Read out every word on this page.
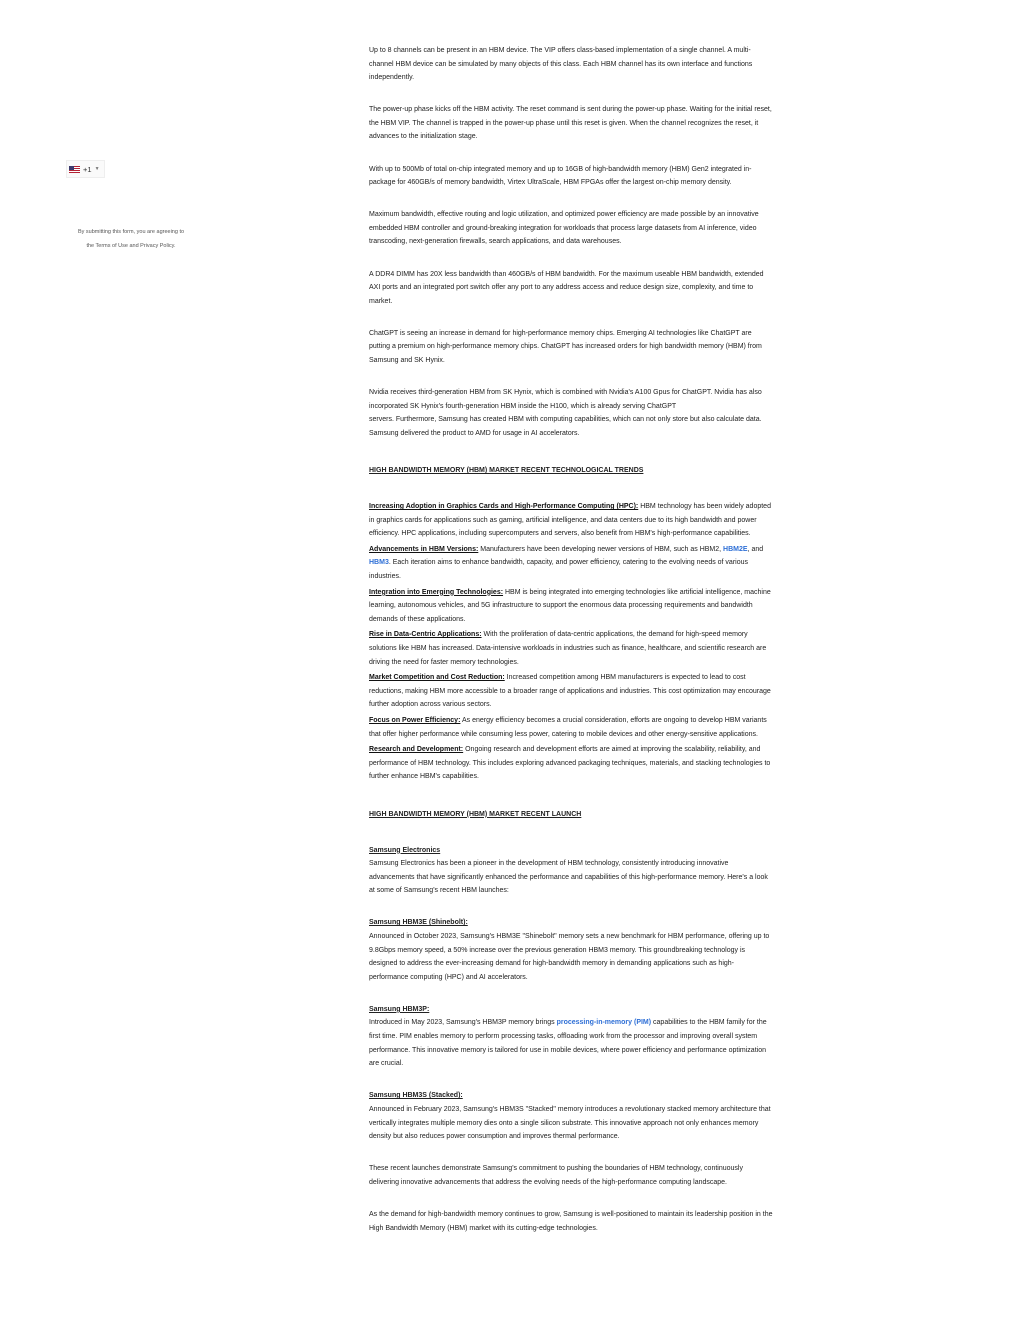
+1 ▼
By submitting this form, you are agreeing to
the Terms of Use and Privacy Policy.

Up to 8 channels can be present in an HBM device. The VIP offers class-based implementation of a single channel. A multi-channel HBM device can be simulated by many objects of this class. Each HBM channel has its own interface and functions independently.

The power-up phase kicks off the HBM activity. The reset command is sent during the power-up phase. Waiting for the initial reset, the HBM VIP. The channel is trapped in the power-up phase until this reset is given. When the channel recognizes the reset, it advances to the initialization stage.

With up to 500Mb of total on-chip integrated memory and up to 16GB of high-bandwidth memory (HBM) Gen2 integrated in-package for 460GB/s of memory bandwidth, Virtex UltraScale, HBM FPGAs offer the largest on-chip memory density.

Maximum bandwidth, effective routing and logic utilization, and optimized power efficiency are made possible by an innovative embedded HBM controller and ground-breaking integration for workloads that process large datasets from AI inference, video transcoding, next-generation firewalls, search applications, and data warehouses.

A DDR4 DIMM has 20X less bandwidth than 460GB/s of HBM bandwidth. For the maximum useable HBM bandwidth, extended AXI ports and an integrated port switch offer any port to any address access and reduce design size, complexity, and time to market.

ChatGPT is seeing an increase in demand for high-performance memory chips. Emerging AI technologies like ChatGPT are putting a premium on high-performance memory chips. ChatGPT has increased orders for high bandwidth memory (HBM) from Samsung and SK Hynix.

Nvidia receives third-generation HBM from SK Hynix, which is combined with Nvidia's A100 Gpus for ChatGPT. Nvidia has also incorporated SK Hynix's fourth-generation HBM inside the H100, which is already serving ChatGPT
servers. Furthermore, Samsung has created HBM with computing capabilities, which can not only store but also calculate data. Samsung delivered the product to AMD for usage in AI accelerators.

HIGH BANDWIDTH MEMORY (HBM) MARKET RECENT TECHNOLOGICAL TRENDS

Increasing Adoption in Graphics Cards and High-Performance Computing (HPC): HBM technology has been widely adopted in graphics cards for applications such as gaming, artificial intelligence, and data centers due to its high bandwidth and power efficiency. HPC applications, including supercomputers and servers, also benefit from HBM's high-performance capabilities.

Advancements in HBM Versions: Manufacturers have been developing newer versions of HBM, such as HBM2, HBM2E, and HBM3. Each iteration aims to enhance bandwidth, capacity, and power efficiency, catering to the evolving needs of various industries.

Integration into Emerging Technologies: HBM is being integrated into emerging technologies like artificial intelligence, machine learning, autonomous vehicles, and 5G infrastructure to support the enormous data processing requirements and bandwidth demands of these applications.

Rise in Data-Centric Applications: With the proliferation of data-centric applications, the demand for high-speed memory solutions like HBM has increased. Data-intensive workloads in industries such as finance, healthcare, and scientific research are driving the need for faster memory technologies.

Market Competition and Cost Reduction: Increased competition among HBM manufacturers is expected to lead to cost reductions, making HBM more accessible to a broader range of applications and industries. This cost optimization may encourage further adoption across various sectors.

Focus on Power Efficiency: As energy efficiency becomes a crucial consideration, efforts are ongoing to develop HBM variants that offer higher performance while consuming less power, catering to mobile devices and other energy-sensitive applications.

Research and Development: Ongoing research and development efforts are aimed at improving the scalability, reliability, and performance of HBM technology. This includes exploring advanced packaging techniques, materials, and stacking technologies to further enhance HBM's capabilities.

HIGH BANDWIDTH MEMORY (HBM) MARKET RECENT LAUNCH

Samsung Electronics

Samsung Electronics has been a pioneer in the development of HBM technology, consistently introducing innovative advancements that have significantly enhanced the performance and capabilities of this high-performance memory. Here's a look at some of Samsung's recent HBM launches:

Samsung HBM3E (Shinebolt):

Announced in October 2023, Samsung's HBM3E "Shinebolt" memory sets a new benchmark for HBM performance, offering up to 9.8Gbps memory speed, a 50% increase over the previous generation HBM3 memory. This groundbreaking technology is designed to address the ever-increasing demand for high-bandwidth memory in demanding applications such as high-performance computing (HPC) and AI accelerators.

Samsung HBM3P:

Introduced in May 2023, Samsung's HBM3P memory brings processing-in-memory (PIM) capabilities to the HBM family for the first time. PIM enables memory to perform processing tasks, offloading work from the processor and improving overall system performance. This innovative memory is tailored for use in mobile devices, where power efficiency and performance optimization are crucial.

Samsung HBM3S (Stacked):

Announced in February 2023, Samsung's HBM3S "Stacked" memory introduces a revolutionary stacked memory architecture that vertically integrates multiple memory dies onto a single silicon substrate. This innovative approach not only enhances memory density but also reduces power consumption and improves thermal performance.

These recent launches demonstrate Samsung's commitment to pushing the boundaries of HBM technology, continuously delivering innovative advancements that address the evolving needs of the high-performance computing landscape.

As the demand for high-bandwidth memory continues to grow, Samsung is well-positioned to maintain its leadership position in the High Bandwidth Memory (HBM) market with its cutting-edge technologies.
